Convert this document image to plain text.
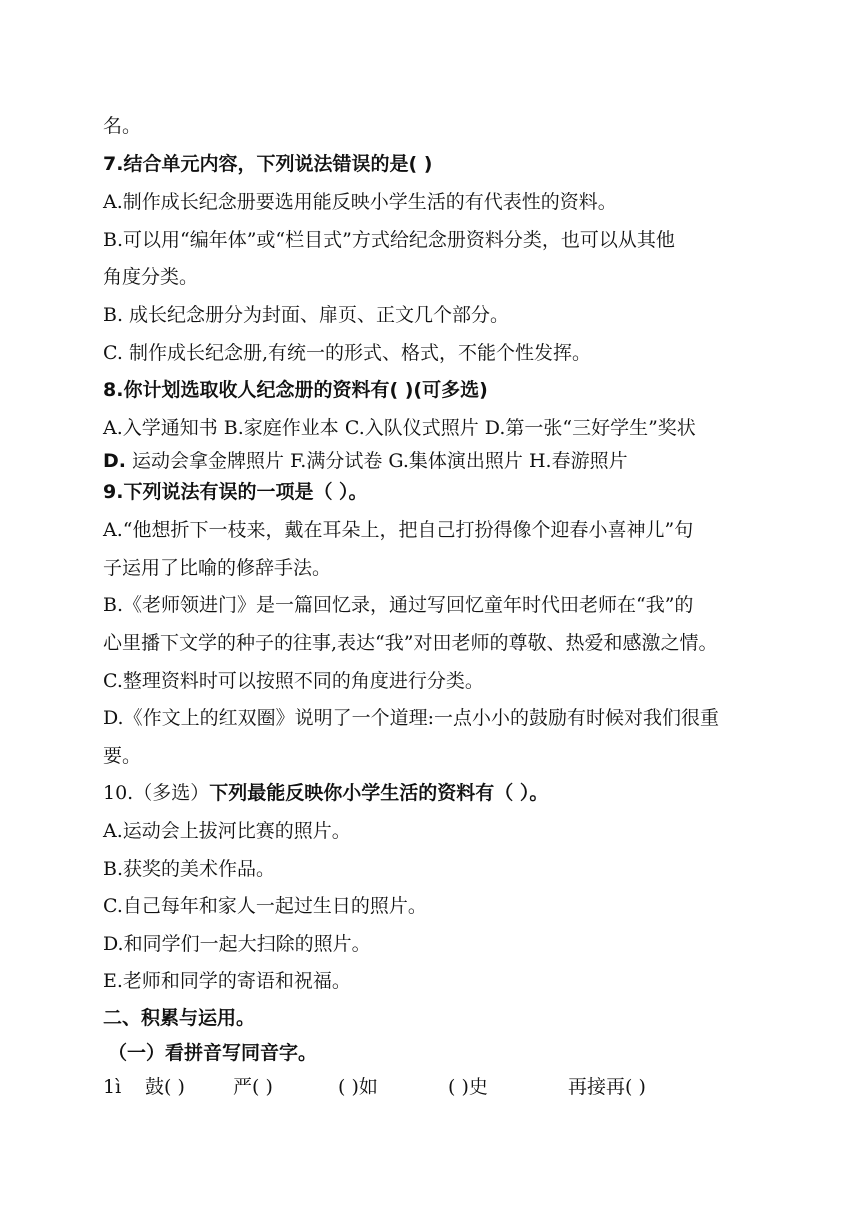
名。
7.结合单元内容，下列说法错误的是( )
A.制作成长纪念册要选用能反映小学生活的有代表性的资料。
B.可以用“编年体”或“栏目式”方式给纪念册资料分类，也可以从其他
角度分类。
B. 成长纪念册分为封面、扉页、正文几个部分。
C. 制作成长纪念册,有统一的形式、格式，不能个性发挥。
8.你计划选取收人纪念册的资料有( )(可多选)
A.入学通知书 B.家庭作业本 C.入队仪式照片 D.第一张“三好学生”奖状
D. 运动会拿金牌照片 F.满分试卷 G.集体演出照片 H.春游照片
9.下列说法有误的一项是（ ）。
A.“他想折下一枝来，戴在耳朵上，把自己打扮得像个迎春小喜神儿”句
子运用了比喻的修辞手法。
B.《老师领进门》是一篇回忆录，通过写回忆童年时代田老师在“我”的
心里播下文学的种子的往事,表达“我”对田老师的尊敬、热爱和感激之情。
C.整理资料时可以按照不同的角度进行分类。
D.《作文上的红双圈》说明了一个道理:一点小小的鼓励有时候对我们很重
要。
10.（多选）下列最能反映你小学生活的资料有（ ）。
A.运动会上拔河比赛的照片。
B.获奖的美术作品。
C.自己每年和家人一起过生日的照片。
D.和同学们一起大扫除的照片。
E.老师和同学的寄语和祝福。
二、积累与运用。
（一）看拼音写同音字。
1ì 鼓( )	严( )	( )如	( )史	再接再( )
